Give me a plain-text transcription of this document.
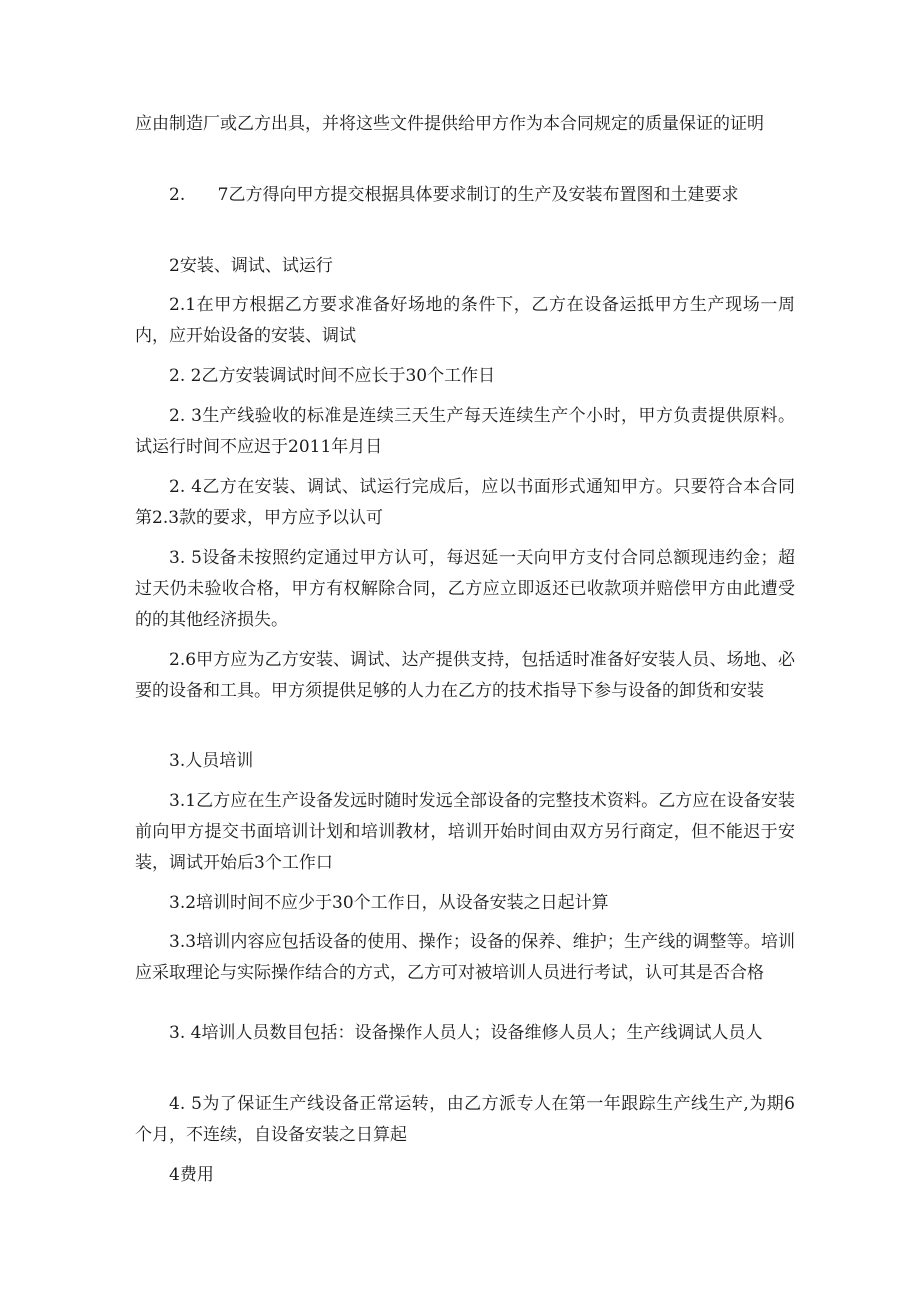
应由制造厂或乙方出具，并将这些文件提供给甲方作为本合同规定的质量保证的证明

2.      7乙方得向甲方提交根据具体要求制订的生产及安装布置图和土建要求

2安装、调试、试运行

2.1在甲方根据乙方要求准备好场地的条件下，乙方在设备运抵甲方生产现场一周内，应开始设备的安装、调试

2. 2乙方安装调试时间不应长于30个工作日

2. 3生产线验收的标准是连续三天生产每天连续生产个小时，甲方负责提供原料。试运行时间不应迟于2011年月日

2. 4乙方在安装、调试、试运行完成后，应以书面形式通知甲方。只要符合本合同第2.3款的要求，甲方应予以认可

3. 5设备未按照约定通过甲方认可，每迟延一天向甲方支付合同总额现违约金；超过天仍未验收合格，甲方有权解除合同，乙方应立即返还已收款项并赔偿甲方由此遭受的的其他经济损失。

2.6甲方应为乙方安装、调试、达产提供支持，包括适时准备好安装人员、场地、必要的设备和工具。甲方须提供足够的人力在乙方的技术指导下参与设备的卸货和安装

3.人员培训

3.1乙方应在生产设备发远时随时发远全部设备的完整技术资料。乙方应在设备安装前向甲方提交书面培训计划和培训教材，培训开始时间由双方另行商定，但不能迟于安装，调试开始后3个工作口

3.2培训时间不应少于30个工作日，从设备安装之日起计算

3.3培训内容应包括设备的使用、操作；设备的保养、维护；生产线的调整等。培训应采取理论与实际操作结合的方式，乙方可对被培训人员进行考试，认可其是否合格

3. 4培训人员数目包括：设备操作人员人；设备维修人员人；生产线调试人员人

4. 5为了保证生产线设备正常运转，由乙方派专人在第一年跟踪生产线生产,为期6个月，不连续，自设备安装之日算起

4费用
